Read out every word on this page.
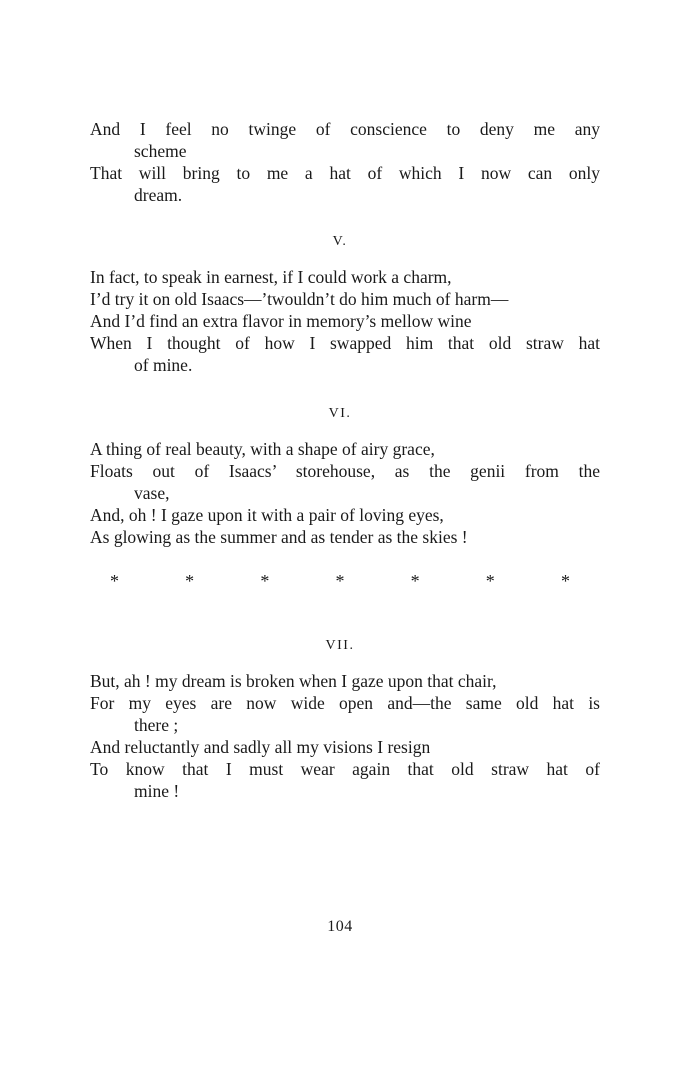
And I feel no twinge of conscience to deny me any
scheme
That will bring to me a hat of which I now can only
dream.
V.
In fact, to speak in earnest, if I could work a charm,
I’d try it on old Isaacs—’twouldn’t do him much of harm—
And I’d find an extra flavor in memory’s mellow wine
When I thought of how I swapped him that old straw hat
of mine.
VI.
A thing of real beauty, with a shape of airy grace,
Floats out of Isaacs’ storehouse, as the genii from the
vase,
And, oh ! I gaze upon it with a pair of loving eyes,
As glowing as the summer and as tender as the skies !
*	*	*	*	*	*	*
VII.
But, ah ! my dream is broken when I gaze upon that chair,
For my eyes are now wide open and—the same old hat is
there ;
And reluctantly and sadly all my visions I resign
To know that I must wear again that old straw hat of
mine !
104
